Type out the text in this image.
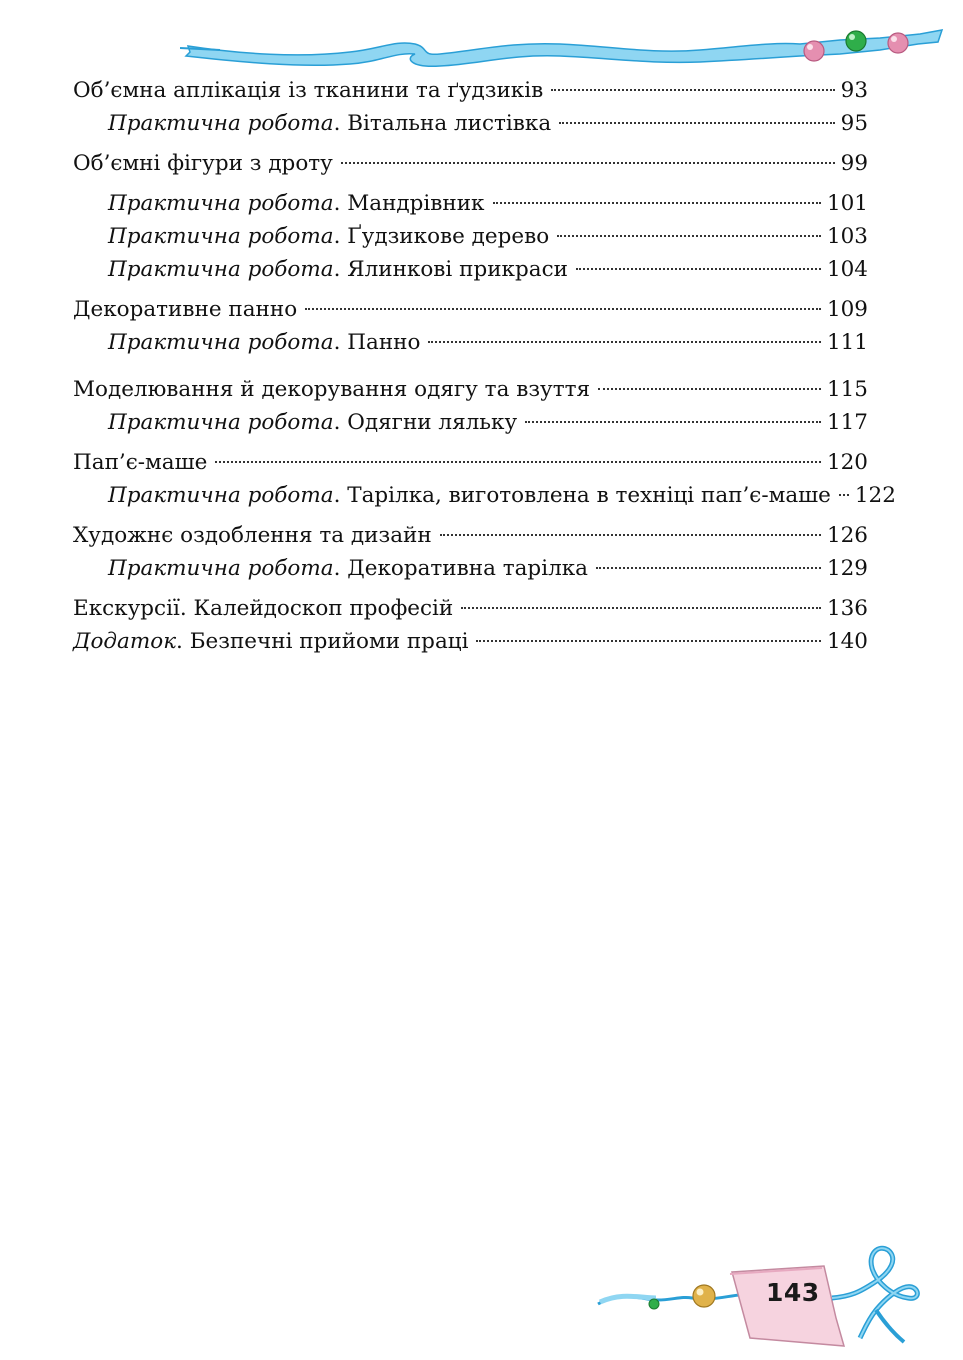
Об’ємна аплікація із тканини та ґудзиків	93
Практична робота. Вітальна листівка	95
Об’ємні фігури з дроту	99
Практична робота. Мандрівник	101
Практична робота. Ґудзикове дерево	103
Практична робота. Ялинкові прикраси	104
Декоративне панно	109
Практична робота. Панно	111
Моделювання й декорування одягу та взуття	115
Практична робота. Одягни ляльку	117
Пап’є-маше	120
Практична робота. Тарілка, виготовлена в техніці пап’є-маше 122
Художнє оздоблення та дизайн	126
Практична робота. Декоративна тарілка	129
Екскурсії. Калейдоскоп професій	136
Додаток. Безпечні прийоми праці	140
143
